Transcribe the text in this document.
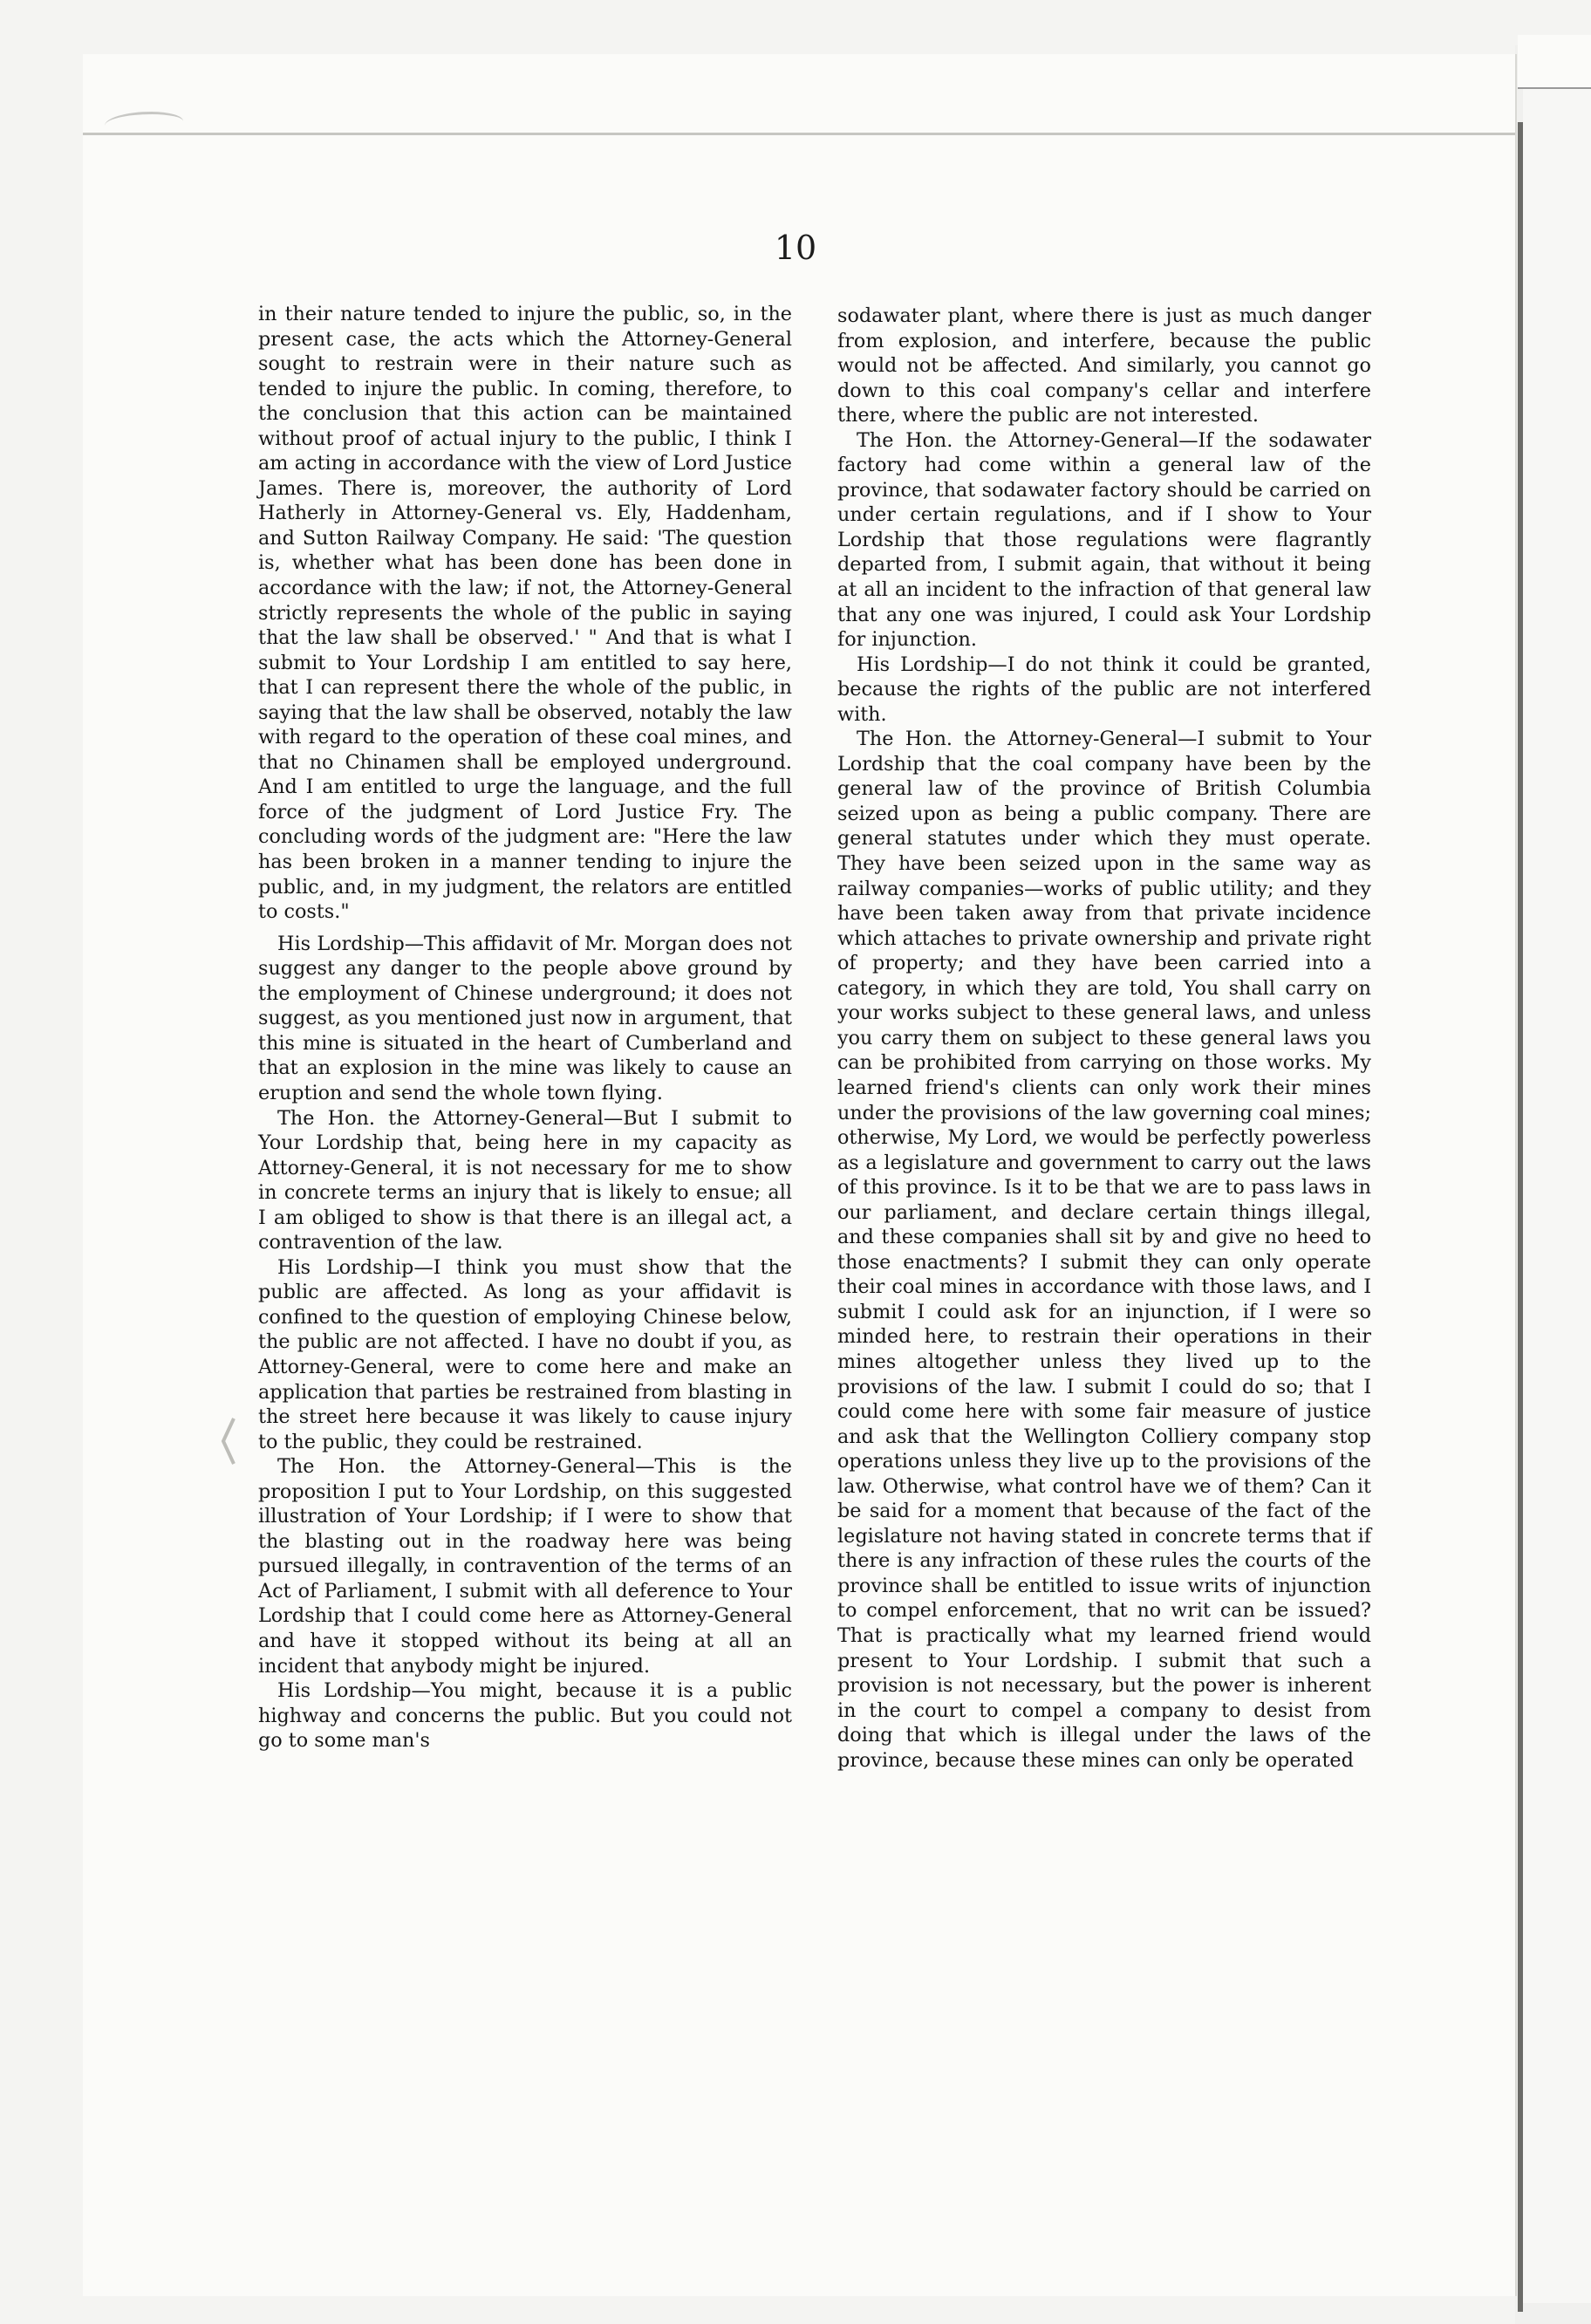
10

in their nature tended to injure the public, so, in the present case, the acts which the Attorney-General sought to restrain were in their nature such as tended to injure the public. In coming, therefore, to the conclusion that this action can be maintained without proof of actual injury to the public, I think I am acting in accordance with the view of Lord Justice James. There is, moreover, the authority of Lord Hatherly in Attorney-General vs. Ely, Haddenham, and Sutton Railway Company. He said: 'The question is, whether what has been done has been done in accordance with the law; if not, the Attorney-General strictly represents the whole of the public in saying that the law shall be observed.' " And that is what I submit to Your Lordship I am entitled to say here, that I can represent there the whole of the public, in saying that the law shall be observed, notably the law with regard to the operation of these coal mines, and that no Chinamen shall be employed underground. And I am entitled to urge the language, and the full force of the judgment of Lord Justice Fry. The concluding words of the judgment are: "Here the law has been broken in a manner tending to injure the public, and, in my judgment, the relators are entitled to costs."

His Lordship—This affidavit of Mr. Morgan does not suggest any danger to the people above ground by the employment of Chinese underground; it does not suggest, as you mentioned just now in argument, that this mine is situated in the heart of Cumberland and that an explosion in the mine was likely to cause an eruption and send the whole town flying.

The Hon. the Attorney-General—But I submit to Your Lordship that, being here in my capacity as Attorney-General, it is not necessary for me to show in concrete terms an injury that is likely to ensue; all I am obliged to show is that there is an illegal act, a contravention of the law.

His Lordship—I think you must show that the public are affected. As long as your affidavit is confined to the question of employing Chinese below, the public are not affected. I have no doubt if you, as Attorney-General, were to come here and make an application that parties be restrained from blasting in the street here because it was likely to cause injury to the public, they could be restrained.

The Hon. the Attorney-General—This is the proposition I put to Your Lordship, on this suggested illustration of Your Lordship; if I were to show that the blasting out in the roadway here was being pursued illegally, in contravention of the terms of an Act of Parliament, I submit with all deference to Your Lordship that I could come here as Attorney-General and have it stopped without its being at all an incident that anybody might be injured.

His Lordship—You might, because it is a public highway and concerns the public. But you could not go to some man's

sodawater plant, where there is just as much danger from explosion, and interfere, because the public would not be affected. And similarly, you cannot go down to this coal company's cellar and interfere there, where the public are not interested.

The Hon. the Attorney-General—If the sodawater factory had come within a general law of the province, that sodawater factory should be carried on under certain regulations, and if I show to Your Lordship that those regulations were flagrantly departed from, I submit again, that without it being at all an incident to the infraction of that general law that any one was injured, I could ask Your Lordship for injunction.

His Lordship—I do not think it could be granted, because the rights of the public are not interfered with.

The Hon. the Attorney-General—I submit to Your Lordship that the coal company have been by the general law of the province of British Columbia seized upon as being a public company. There are general statutes under which they must operate. They have been seized upon in the same way as railway companies—works of public utility; and they have been taken away from that private incidence which attaches to private ownership and private right of property; and they have been carried into a category, in which they are told, You shall carry on your works subject to these general laws, and unless you carry them on subject to these general laws you can be prohibited from carrying on those works. My learned friend's clients can only work their mines under the provisions of the law governing coal mines; otherwise, My Lord, we would be perfectly powerless as a legislature and government to carry out the laws of this province. Is it to be that we are to pass laws in our parliament, and declare certain things illegal, and these companies shall sit by and give no heed to those enactments? I submit they can only operate their coal mines in accordance with those laws, and I submit I could ask for an injunction, if I were so minded here, to restrain their operations in their mines altogether unless they lived up to the provisions of the law. I submit I could do so; that I could come here with some fair measure of justice and ask that the Wellington Colliery company stop operations unless they live up to the provisions of the law. Otherwise, what control have we of them? Can it be said for a moment that because of the fact of the legislature not having stated in concrete terms that if there is any infraction of these rules the courts of the province shall be entitled to issue writs of injunction to compel enforcement, that no writ can be issued? That is practically what my learned friend would present to Your Lordship. I submit that such a provision is not necessary, but the power is inherent in the court to compel a company to desist from doing that which is illegal under the laws of the province, because these mines can only be operated
